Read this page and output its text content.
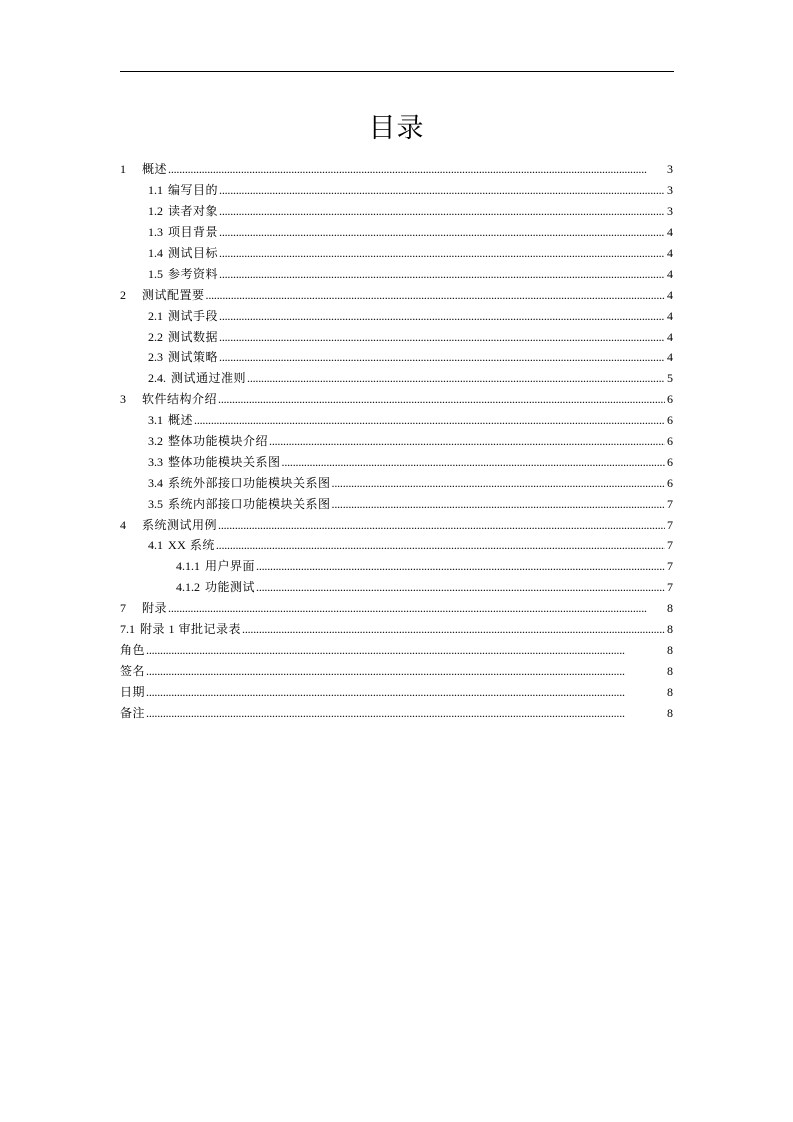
目录
1	概述 . . .	3
1.1 编写目的 . . .	3
1.2 读者对象 . . .	3
1.3 项目背景 . . .	4
1.4 测试目标 . . .	4
1.5 参考资料 . . .	4
2	测试配置要 . . .	4
2.1 测试手段 . . .	4
2.2 测试数据 . . .	4
2.3 测试策略 . . .	4
2.4. 测试通过准则 . . .	5
3	软件结构介绍 . . .	6
3.1 概述 . . .	6
3.2 整体功能模块介绍 . . .	6
3.3 整体功能模块关系图 . . .	6
3.4 系统外部接口功能模块关系图 . . .	6
3.5 系统内部接口功能模块关系图 . . .	7
4	系统测试用例 . . .	7
4.1 XX 系统 . . .	7
4.1.1 用户界面 . . .	7
4.1.2 功能测试 . . .	7
7	附录 . . .	8
7.1 附录 1 审批记录表 . . .	8
角色 . . .	8
签名 . . .	8
日期 . . .	8
备注 . . .	8
